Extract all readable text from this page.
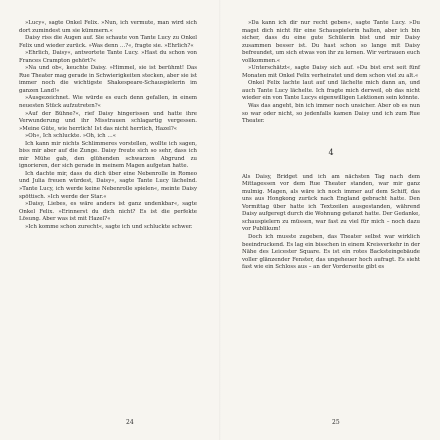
»Lucy«, sagte Onkel Felix. »Nun, ich vermute, man wird sich dort zumindest um sie kümmern.«

Daisy riss die Augen auf. Sie schaute von Tante Lucy zu Onkel Felix und wieder zurück. »Was denn …?«, fragte sie. »Ehrlich?«

»Ehrlich, Daisy«, antwortete Tante Lucy. »Hast du schon von Frances Crampton gehört?«

»Na und ob«, keuchte Daisy. »Himmel, sie ist berühmt! Das Rue Theater mag gerade in Schwierigkeiten stecken, aber sie ist immer noch die wichtigste Shakespeare-Schauspielerin im ganzen Land!«

»Ausgezeichnet. Wie würde es euch denn gefallen, in einem neuesten Stück aufzutreten?«

»Auf der Bühne?«, rief Daisy hingerissen und hatte ihre Verwunderung und ihr Misstrauen schlagartig vergessen. »Meine Güte, wie herrlich! Ist das nicht herrlich, Hazel?«

»Oh«, Ich schluckte. »Oh, ich …«

Ich kann mir nichts Schlimmeres vorstellen, wollte ich sagen, biss mir aber auf die Zunge. Daisy freute sich so sehr, dass ich mir Mühe gab, den glühenden schwarzen Abgrund zu ignorieren, der sich gerade in meinem Magen aufgetan hatte.

Ich dachte mir, dass du dich über eine Nebenrolle in Romeo und Julia freuen würdest, Daisy«, sagte Tante Lucy lächelnd. »Tante Lucy, ich werde keine Nebenrolle spielen«, meinte Daisy spöttisch. »Ich werde der Star.«

»Daisy, Liebes, es wäre anders ist ganz undenkbar«, sagte Onkel Felix. »Erinnerst du dich nicht? Es ist die perfekte Lösung. Aber was ist mit Hazel?«

»Ich komme schon zurecht«, sagte ich und schluckte schwer.

24

»Da kann ich dir nur recht geben«, sagte Tante Lucy. »Du magst dich nicht für eine Schauspielerin halten, aber ich bin sicher, dass du eine gute Schülerin bist und mir Daisy zusammen besser ist. Du hast schon so lange mit Daisy befreundet, um sich etwas von ihr zu lernen. Wir vertrauen euch vollkommen.«

»Unterschätzt«, sagte Daisy sich auf. »Du bist erst seit fünf Monaten mit Onkel Felix verheiratet und dem schon viel zu alt.«

Onkel Felix lachte laut auf und lächelte mich dann an, und auch Tante Lucy lächelte. Ich fragte mich derweil, ob das nicht wieder ein von Tante Lucys eigenwilligen Lektionen sein könnte.

Was das angeht, bin ich immer noch unsicher. Aber ob es nun so war oder nicht, so jedenfalls kamen Daisy und ich zum Rue Theater.

4

Als Daisy, Bridget und ich am nächsten Tag nach dem Mittagessen vor dem Rue Theater standen, war mir ganz mulmig. Magen, als wäre ich noch immer auf dem Schiff, das uns aus Hongkong zurück nach England gebracht hatte. Den Vormittag über hatte ich Textzeilen ausgestanden, während Daisy aufgeregt durch die Wohnung getanzt hatte. Der Gedanke, schauspielern zu müssen, war fast zu viel für mich – noch dazu vor Publikum!

Doch ich musste zugeben, das Theater selbst war wirklich beeindruckend. Es lag ein bisschen in einem Kreisverkehr in der Nähe des Leicester Square. Es ist ein rotes Backsteingebäude voller glänzender Fenster, das ungeheuer hoch aufragt. Es sieht fast wie ein Schloss aus – an der Vorderseite gibt es

25
